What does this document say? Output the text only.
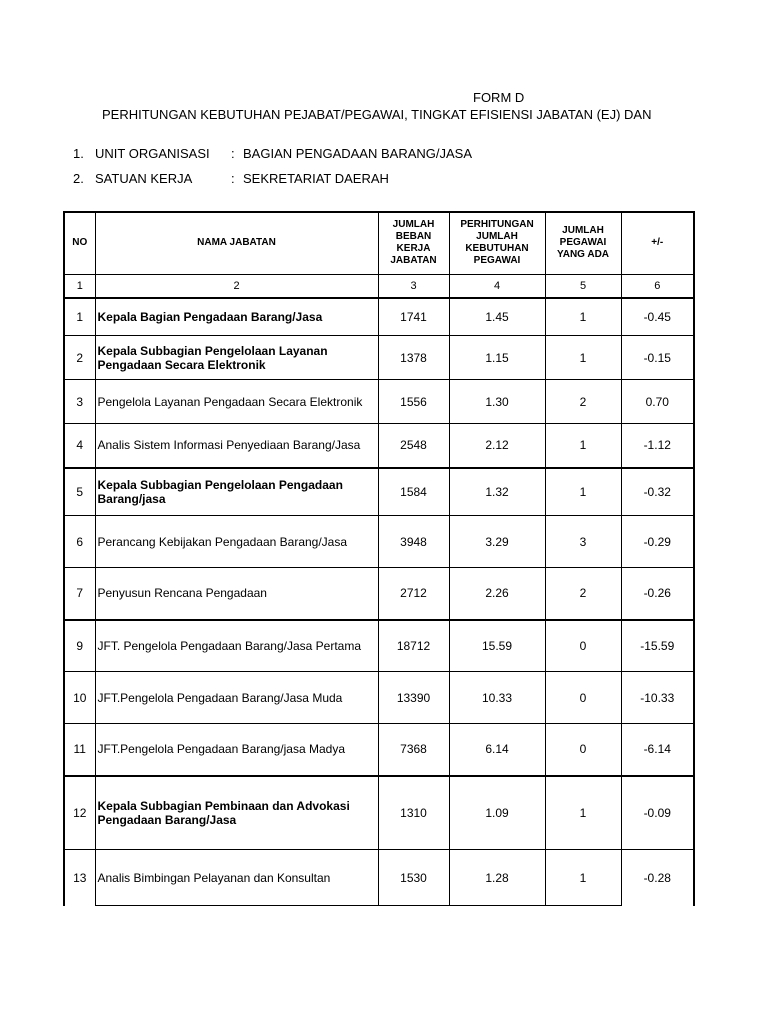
FORM D
PERHITUNGAN KEBUTUHAN PEJABAT/PEGAWAI, TINGKAT EFISIENSI JABATAN (EJ) DAN
1. UNIT ORGANISASI : BAGIAN PENGADAAN BARANG/JASA
2. SATUAN KERJA	: SEKRETARIAT DAERAH
NO	NAMA JABATAN	JUMLAH BEBAN KERJA JABATAN	PERHITUNGAN JUMLAH KEBUTUHAN PEGAWAI	JUMLAH PEGAWAI YANG ADA	+/-
1	2	3	4	5	6
1	Kepala Bagian Pengadaan Barang/Jasa	1741	1.45	1	-0.45
2	Kepala Subbagian Pengelolaan Layanan Pengadaan Secara Elektronik	1378	1.15	1	-0.15
3	Pengelola Layanan Pengadaan Secara Elektronik	1556	1.30	2	0.70
4	Analis Sistem Informasi Penyediaan Barang/Jasa	2548	2.12	1	-1.12
5	Kepala Subbagian Pengelolaan Pengadaan Barang/jasa	1584	1.32	1	-0.32
6	Perancang Kebijakan Pengadaan Barang/Jasa	3948	3.29	3	-0.29
7	Penyusun Rencana Pengadaan	2712	2.26	2	-0.26
9	JFT. Pengelola Pengadaan Barang/Jasa Pertama	18712	15.59	0	-15.59
10	JFT.Pengelola Pengadaan Barang/Jasa Muda	13390	10.33	0	-10.33
11	JFT.Pengelola Pengadaan Barang/jasa Madya	7368	6.14	0	-6.14
12	Kepala Subbagian Pembinaan dan Advokasi Pengadaan Barang/Jasa	1310	1.09	1	-0.09
13	Analis Bimbingan Pelayanan dan Konsultan	1530	1.28	1	-0.28
